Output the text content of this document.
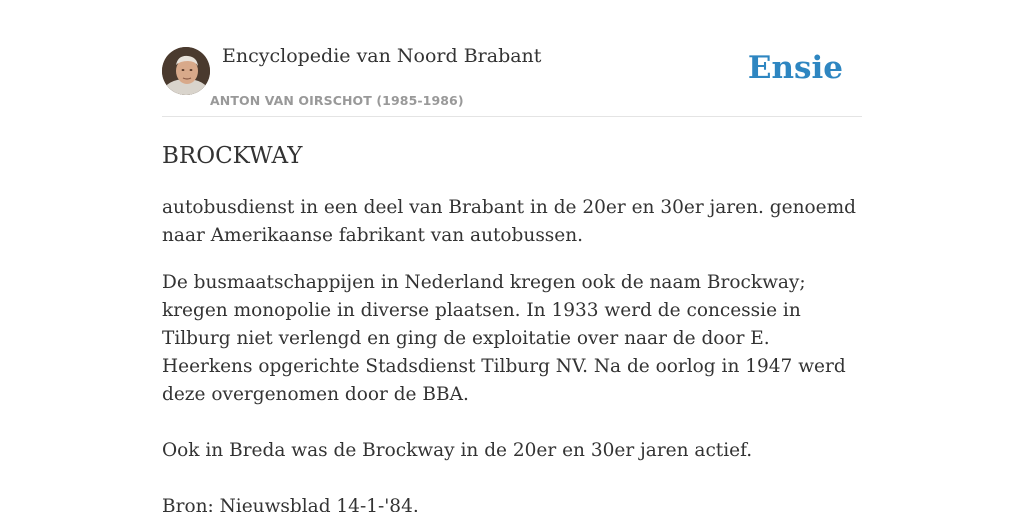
Encyclopedie van Noord Brabant
ANTON VAN OIRSCHOT (1985-1986)
Ensie
BROCKWAY

autobusdienst in een deel van Brabant in de 20er en 30er jaren. genoemd naar Amerikaanse fabrikant van autobussen.

De busmaatschappijen in Nederland kregen ook de naam Brockway; kregen monopolie in diverse plaatsen. In 1933 werd de concessie in Tilburg niet verlengd en ging de exploitatie over naar de door E. Heerkens opgerichte Stadsdienst Tilburg NV. Na de oorlog in 1947 werd deze overgenomen door de BBA.

Ook in Breda was de Brockway in de 20er en 30er jaren actief.

Bron: Nieuwsblad 14-1-'84.
